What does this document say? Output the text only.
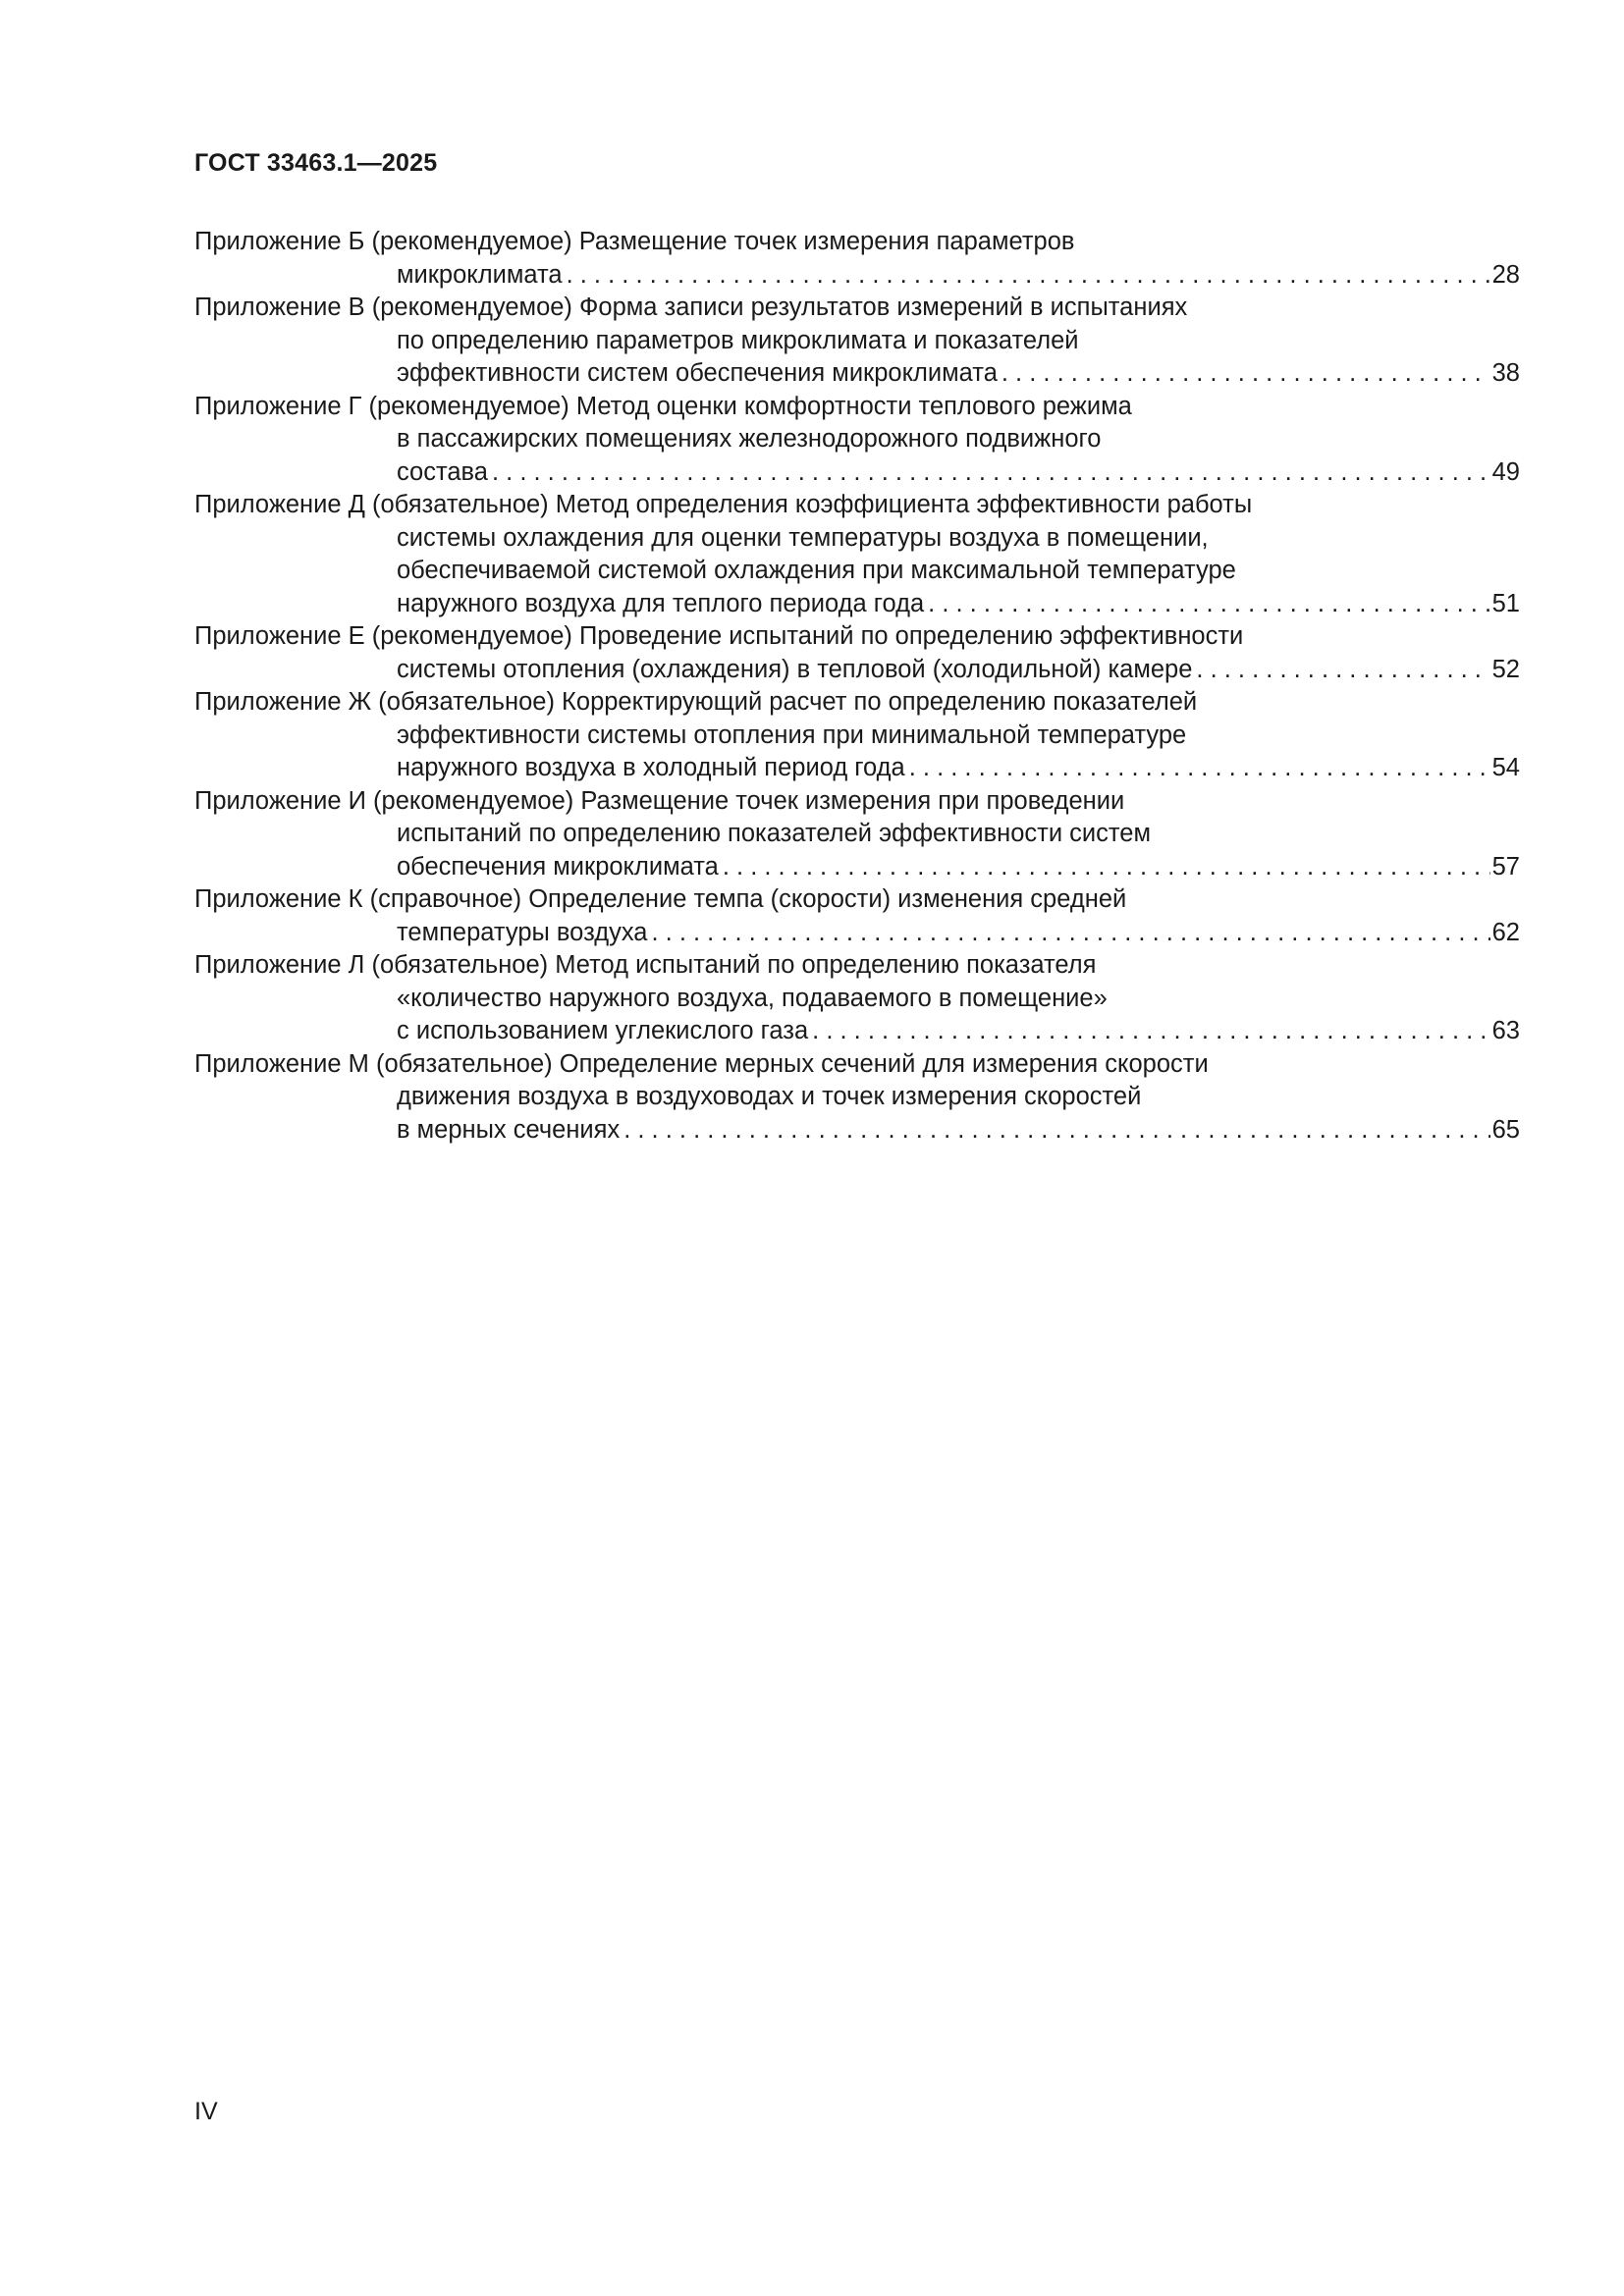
ГОСТ 33463.1—2025
Приложение Б (рекомендуемое) Размещение точек измерения параметров
микроклимата . . .	28
Приложение В (рекомендуемое) Форма записи результатов измерений в испытаниях
по определению параметров микроклимата и показателей
эффективности систем обеспечения микроклимата . . .	38
Приложение Г (рекомендуемое) Метод оценки комфортности теплового режима
в пассажирских помещениях железнодорожного подвижного
состава . . .	49
Приложение Д (обязательное) Метод определения коэффициента эффективности работы
системы охлаждения для оценки температуры воздуха в помещении,
обеспечиваемой системой охлаждения при максимальной температуре
наружного воздуха для теплого периода года . . .	51
Приложение Е (рекомендуемое) Проведение испытаний по определению эффективности
системы отопления (охлаждения) в тепловой (холодильной) камере . . .	52
Приложение Ж (обязательное) Корректирующий расчет по определению показателей
эффективности системы отопления при минимальной температуре
наружного воздуха в холодный период года . . .	54
Приложение И (рекомендуемое) Размещение точек измерения при проведении
испытаний по определению показателей эффективности систем
обеспечения микроклимата . . .	57
Приложение К (справочное) Определение темпа (скорости) изменения средней
температуры воздуха . . .	62
Приложение Л (обязательное) Метод испытаний по определению показателя
«количество наружного воздуха, подаваемого в помещение»
с использованием углекислого газа . . .	63
Приложение М (обязательное) Определение мерных сечений для измерения скорости
движения воздуха в воздуховодах и точек измерения скоростей
в мерных сечениях . . .	65
IV
